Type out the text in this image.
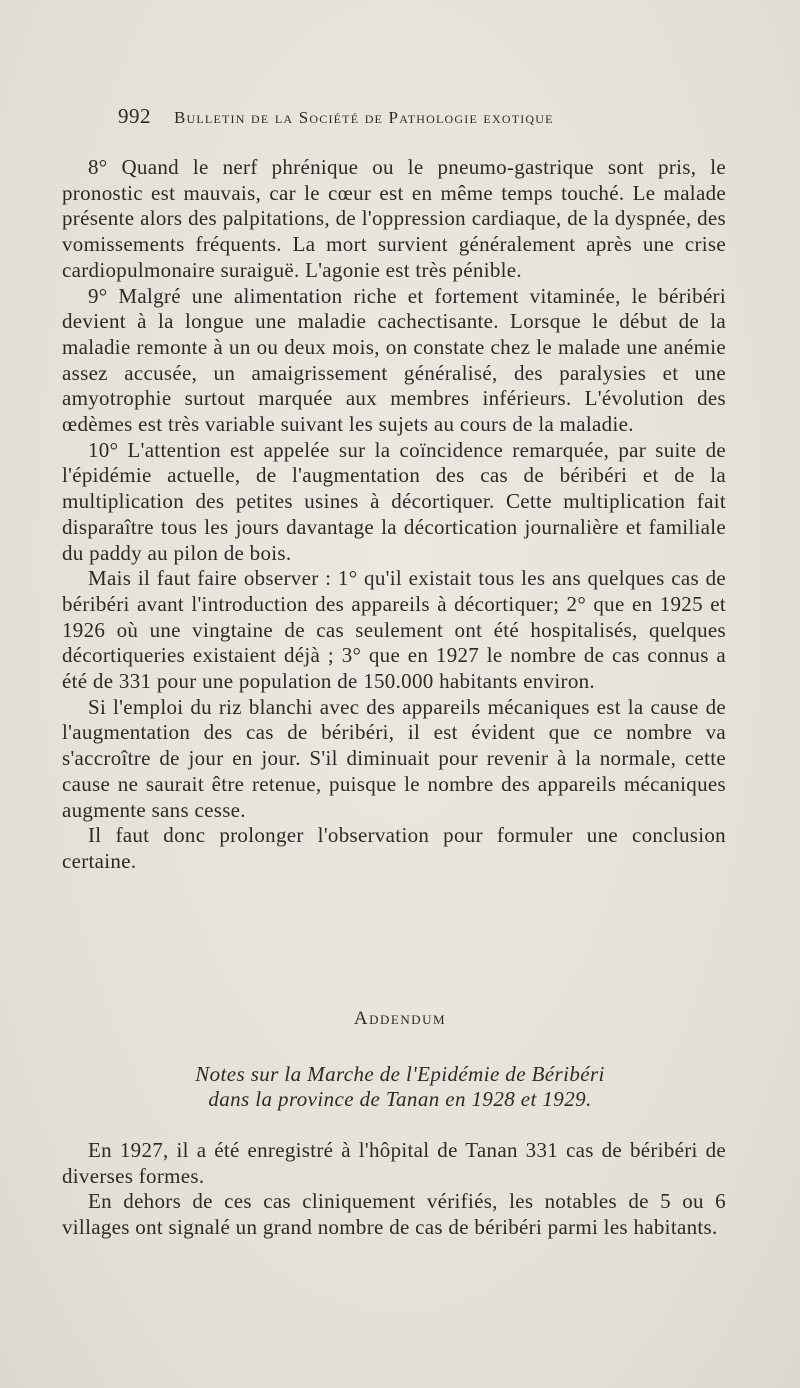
992 Bulletin de la Société de Pathologie exotique

8° Quand le nerf phrénique ou le pneumo-gastrique sont pris, le pronostic est mauvais, car le cœur est en même temps touché. Le malade présente alors des palpitations, de l'oppression cardiaque, de la dyspnée, des vomissements fréquents. La mort survient généralement après une crise cardiopulmonaire suraiguë. L'agonie est très pénible.

9° Malgré une alimentation riche et fortement vitaminée, le béribéri devient à la longue une maladie cachectisante. Lorsque le début de la maladie remonte à un ou deux mois, on constate chez le malade une anémie assez accusée, un amaigrissement généralisé, des paralysies et une amyotrophie surtout marquée aux membres inférieurs. L'évolution des œdèmes est très variable suivant les sujets au cours de la maladie.

10° L'attention est appelée sur la coïncidence remarquée, par suite de l'épidémie actuelle, de l'augmentation des cas de béribéri et de la multiplication des petites usines à décortiquer. Cette multiplication fait disparaître tous les jours davantage la décortication journalière et familiale du paddy au pilon de bois.

Mais il faut faire observer : 1° qu'il existait tous les ans quelques cas de béribéri avant l'introduction des appareils à décortiquer; 2° que en 1925 et 1926 où une vingtaine de cas seulement ont été hospitalisés, quelques décortiqueries existaient déjà ; 3° que en 1927 le nombre de cas connus a été de 331 pour une population de 150.000 habitants environ.

Si l'emploi du riz blanchi avec des appareils mécaniques est la cause de l'augmentation des cas de béribéri, il est évident que ce nombre va s'accroître de jour en jour. S'il diminuait pour revenir à la normale, cette cause ne saurait être retenue, puisque le nombre des appareils mécaniques augmente sans cesse.

Il faut donc prolonger l'observation pour formuler une conclusion certaine.

Addendum
Notes sur la Marche de l'Epidémie de Béribéri
dans la province de Tanan en 1928 et 1929.

En 1927, il a été enregistré à l'hôpital de Tanan 331 cas de béribéri de diverses formes.

En dehors de ces cas cliniquement vérifiés, les notables de 5 ou 6 villages ont signalé un grand nombre de cas de béribéri parmi les habitants.
